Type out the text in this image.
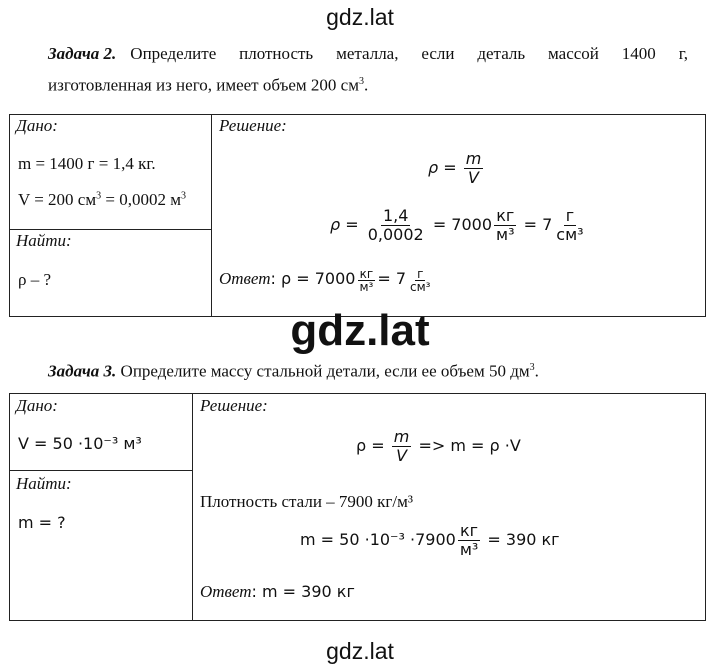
gdz.lat
Задача 2. Определите плотность металла, если деталь массой 1400 г,
изготовленная из него, имеет объем 200 $см^3$.
Дано:
m = 1400 г = 1,4 кг.
V = 200 $см^3 = 0,0002$ $м^3$
Найти:
ρ – ?
Решение:
$\rho = \frac{m}{V}$
$\rho = \frac{1,4}{0,0002} = 7000 \frac{кг}{\text{м³}} = 7 \frac{г}{\text{см³}}$
Ответ: $\rho = 7000 \frac{кг}{\text{м³}} = 7 \frac{г}{\text{см³}}$
gdz.lat
Задача 3. Определите массу стальной детали, если ее объем 50 $дм^3$.
Дано:
V = 50 ·10⁻³ м³
Найти:
m = ?
Решение:
$\rho = \frac{m}{V} => m = \rho \cdot V$
Плотность стали – 7900 кг/м³
$m = 50 \cdot 10^{-3} \cdot 7900 \frac{кг}{\text{м³}} = 390$ кг
Ответ: m = 390 кг
gdz.lat
